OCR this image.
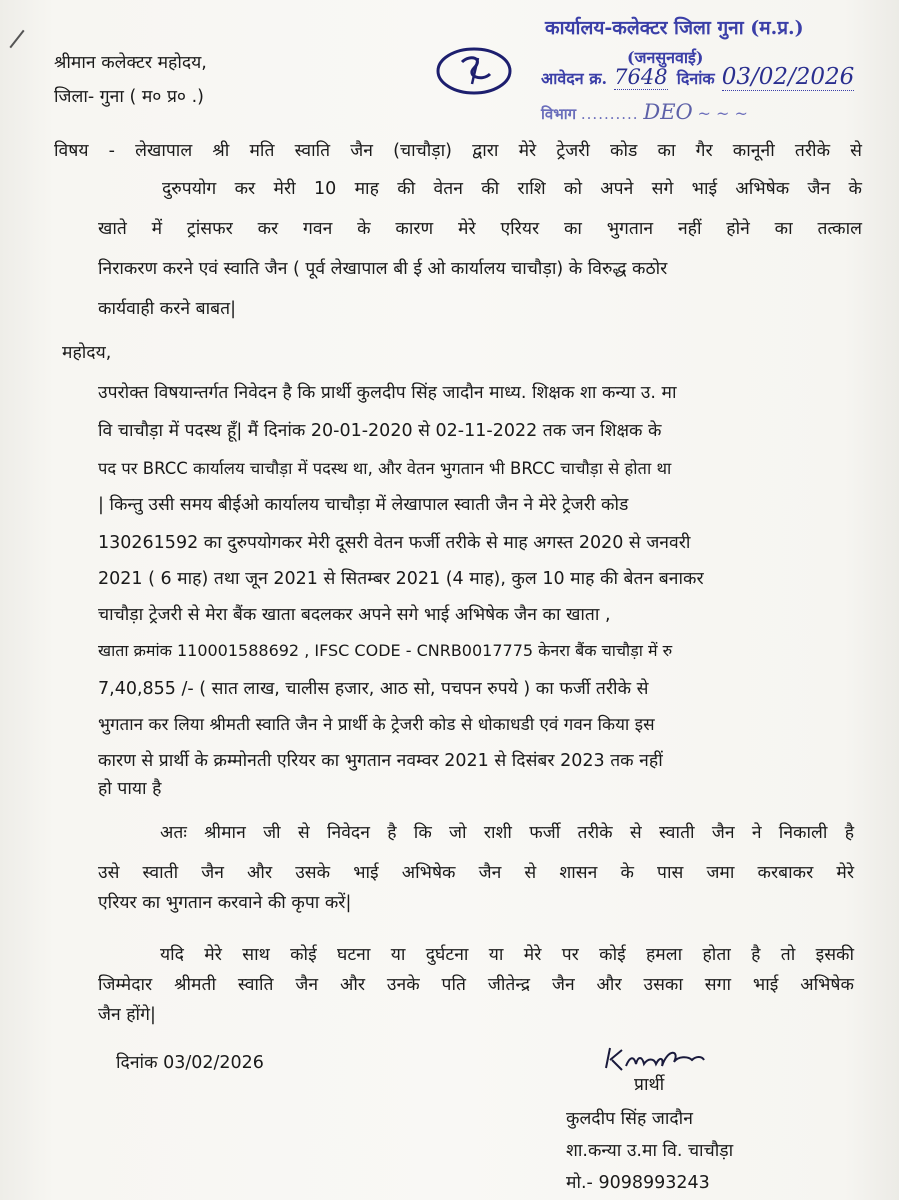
कार्यालय-कलेक्टर जिला गुना (म.प्र.)
(जनसुनवाई)
आवेदन क्र. 7648 दिनांक 03/02/2026
विभाग .......... DEO ~ ~ ~
श्रीमान कलेक्टर महोदय,
जिला- गुना ( म० प्र० .)
विषय - लेखापाल श्री मति स्वाति जैन (चाचौड़ा) द्वारा मेरे ट्रेजरी कोड का गैर कानूनी तरीके से
दुरुपयोग कर मेरी 10 माह की वेतन की राशि को अपने सगे भाई अभिषेक जैन के
खाते में ट्रांसफर कर गवन के कारण मेरे एरियर का भुगतान नहीं होने का तत्काल
निराकरण करने एवं स्वाति जैन ( पूर्व लेखापाल बी ई ओ कार्यालय चाचौड़ा) के विरुद्ध कठोर
कार्यवाही करने बाबत|
महोदय,
उपरोक्त विषयान्तर्गत निवेदन है कि प्रार्थी कुलदीप सिंह जादौन माध्य. शिक्षक शा कन्या उ. मा
वि चाचौड़ा में पदस्थ हूँ| मैं दिनांक 20-01-2020 से 02-11-2022 तक जन शिक्षक के
पद पर BRCC कार्यालय चाचौड़ा में पदस्थ था, और वेतन भुगतान भी BRCC चाचौड़ा से होता था
| किन्तु उसी समय बीईओ कार्यालय चाचौड़ा में लेखापाल स्वाती जैन ने मेरे ट्रेजरी कोड
130261592 का दुरुपयोगकर मेरी दूसरी वेतन फर्जी तरीके से माह अगस्त 2020 से जनवरी
2021 ( 6 माह) तथा जून 2021 से सितम्बर 2021 (4 माह), कुल 10 माह की बेतन बनाकर
चाचौड़ा ट्रेजरी से मेरा बैंक खाता बदलकर अपने सगे भाई अभिषेक जैन का खाता ,
खाता क्रमांक 110001588692 , IFSC CODE - CNRB0017775 केनरा बैंक चाचौड़ा में रु
7,40,855 /- ( सात लाख, चालीस हजार, आठ सो, पचपन रुपये ) का फर्जी तरीके से
भुगतान कर लिया श्रीमती स्वाति जैन ने प्रार्थी के ट्रेजरी कोड से धोकाधडी एवं गवन किया इस
कारण से प्रार्थी के क्रम्मोनती एरियर का भुगतान नवम्वर 2021 से दिसंबर 2023 तक नहीं
हो पाया है
अतः श्रीमान जी से निवेदन है कि जो राशी फर्जी तरीके से स्वाती जैन ने निकाली है
उसे स्वाती जैन और उसके भाई अभिषेक जैन से शासन के पास जमा करबाकर मेरे
एरियर का भुगतान करवाने की कृपा करें|
यदि मेरे साथ कोई घटना या दुर्घटना या मेरे पर कोई हमला होता है तो इसकी
जिम्मेदार श्रीमती स्वाति जैन और उनके पति जीतेन्द्र जैन और उसका सगा भाई अभिषेक
जैन होंगे|
दिनांक 03/02/2026
प्रार्थी
कुलदीप सिंह जादौन
शा.कन्या उ.मा वि. चाचौड़ा
मो.- 9098993243
